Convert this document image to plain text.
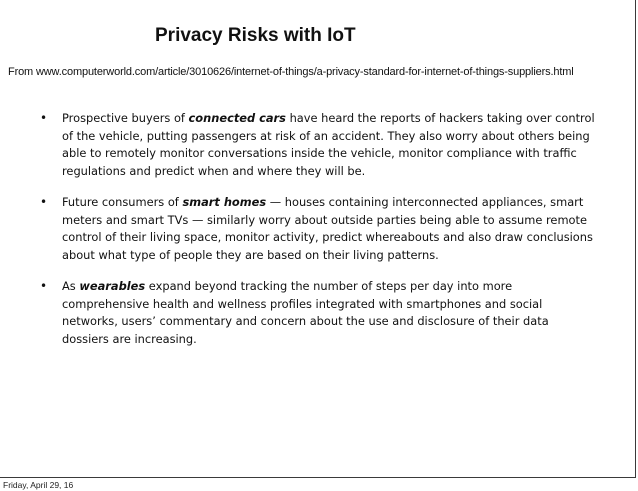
Privacy Risks with IoT
From www.computerworld.com/article/3010626/internet-of-things/a-privacy-standard-for-internet-of-things-suppliers.html
• Prospective buyers of connected cars have heard the reports of hackers taking over control of the vehicle, putting passengers at risk of an accident. They also worry about others being able to remotely monitor conversations inside the vehicle, monitor compliance with traffic regulations and predict when and where they will be.
• Future consumers of smart homes — houses containing interconnected appliances, smart meters and smart TVs — similarly worry about outside parties being able to assume remote control of their living space, monitor activity, predict whereabouts and also draw conclusions about what type of people they are based on their living patterns.
• As wearables expand beyond tracking the number of steps per day into more comprehensive health and wellness profiles integrated with smartphones and social networks, users’ commentary and concern about the use and disclosure of their data dossiers are increasing.
Friday, April 29, 16
